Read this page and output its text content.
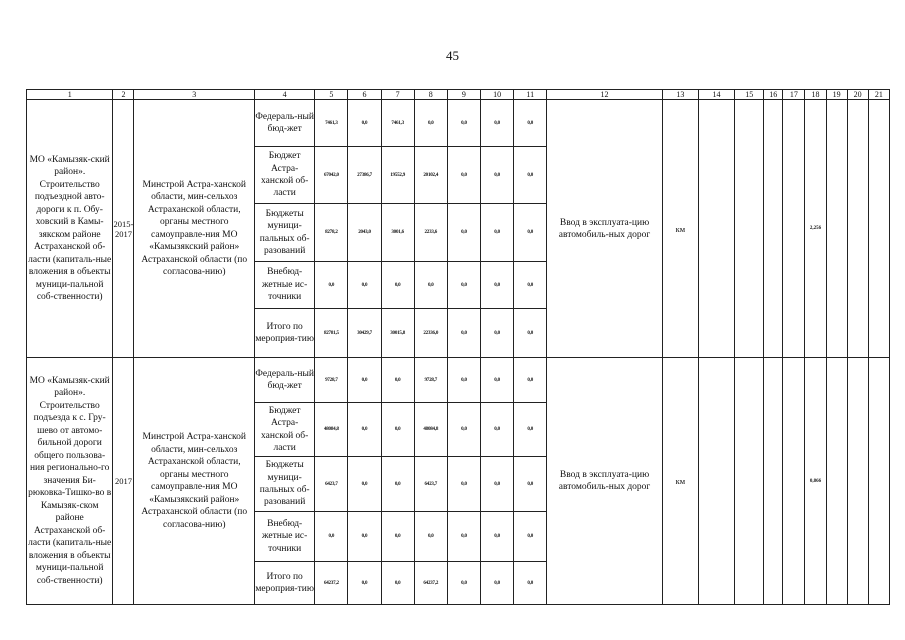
45
1	2	3	4	5	6	7	8	9	10	11	12	13	14	15	16	17	18	19	20	21
МО «Камызяк-ский район». Строительство подъездной авто-дороги к п. Обу-ховский в Камы-зякском районе Астраханской об-ласти (капиталь-ные вложения в объекты муници-пальной соб-ственности)	2015-2017	Минстрой Астра-ханской области, мин-сельхоз Астраханской области, органы местного самоуправле-ния МО «Камызякский район» Астраханской области (по согласова-нию)	Федераль-ный бюд-жет	7461,3	0,0	7461,3	0,0	0,0	0,0	0,0	Ввод в эксплуата-цию автомобиль-ных дорог	км					2,256			
			Бюджет Астра-ханской об-ласти	67042,0	27386,7	19552,9	20102,4	0,0	0,0	0,0										
			Бюджеты муници-пальных об-разований	8278,2	2043,0	3001,6	2233,6	0,0	0,0	0,0										
			Внебюд-жетные ис-точники	0,0	0,0	0,0	0,0	0,0	0,0	0,0										
			Итого по мероприя-тию	82781,5	30429,7	30015,8	22336,0	0,0	0,0	0,0										
МО «Камызяк-ский район». Строительство подъезда к с. Гру-шево от автомо-бильной дороги общего пользова-ния регионально-го значения Би-рюковка-Тишко-во в Камызяк-ском районе Астраханской об-ласти (капиталь-ные вложения в объекты муници-пальной соб-ственности)	2017	Минстрой Астра-ханской области, мин-сельхоз Астраханской области, органы местного самоуправле-ния МО «Камызякский район» Астраханской области (по согласова-нию)	Федераль-ный бюд-жет	9728,7	0,0	0,0	9728,7	0,0	0,0	0,0	Ввод в эксплуата-цию автомобиль-ных дорог	км					0,866			
			Бюджет Астра-ханской об-ласти	48084,8	0,0	0,0	48084,8	0,0	0,0	0,0										
			Бюджеты муници-пальных об-разований	6423,7	0,0	0,0	6423,7	0,0	0,0	0,0										
			Внебюд-жетные ис-точники	0,0	0,0	0,0	0,0	0,0	0,0	0,0										
			Итого по мероприя-тию	64237,2	0,0	0,0	64237,2	0,0	0,0	0,0										
